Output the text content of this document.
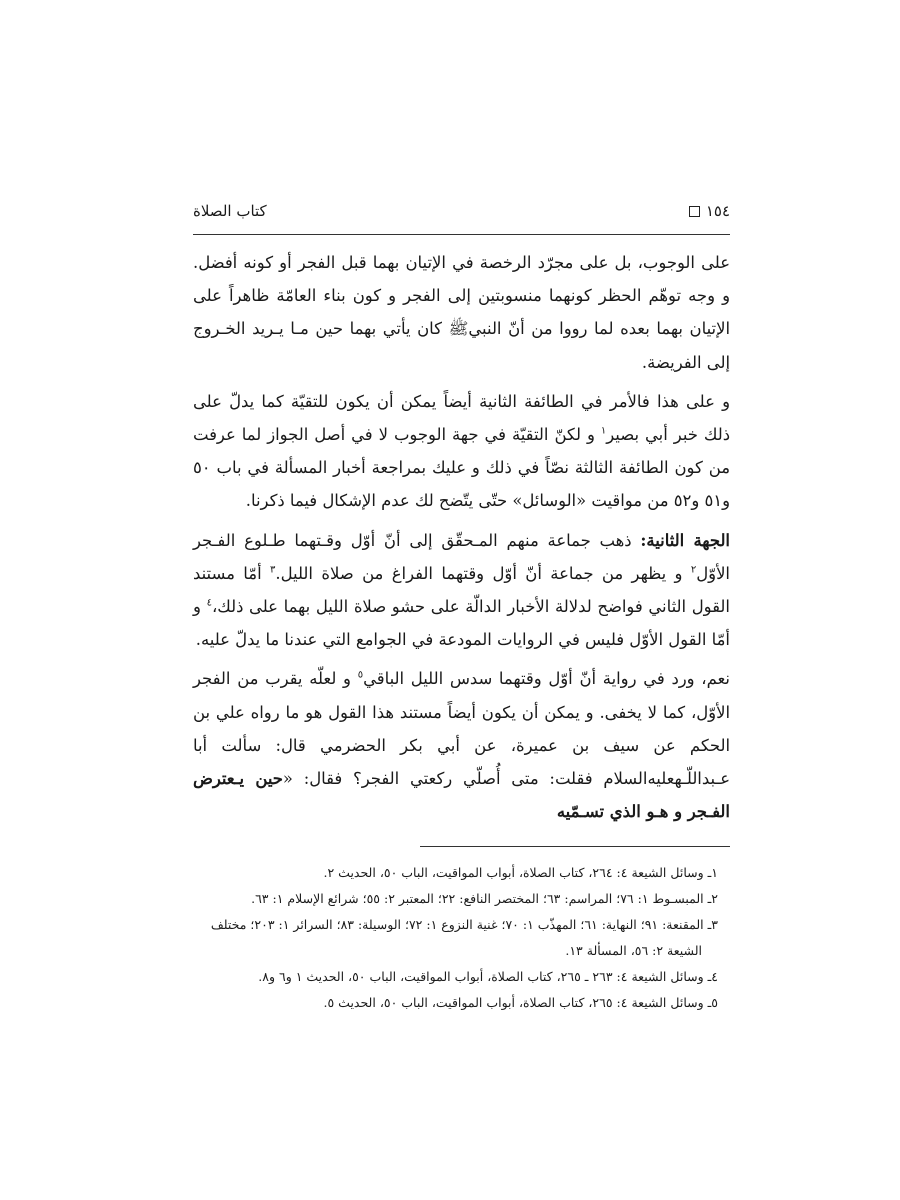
كتاب الصلاة	١٥٤

على الوجوب، بل على مجرّد الرخصة في الإتيان بهما قبل الفجر أو كونه أفضل. و وجه توهّم الحظر كونهما منسوبتين إلى الفجر و كون بناء العامّة ظاهراً على الإتيان بهما بعده لما رووا من أنّ النبيﷺ كان يأتي بهما حين مـا يـريد الخـروج إلى الفريضة.

و على هذا فالأمر في الطائفة الثانية أيضاً يمكن أن يكون للتقيّة كما يدلّ على ذلك خبر أبي بصير$^١$ و لكنّ التقيّة في جهة الوجوب لا في أصل الجواز لما عرفت من كون الطائفة الثالثة نصّاً في ذلك و عليك بمراجعة أخبار المسألة في باب ٥٠ و٥١ و٥٢ من مواقيت «الوسائل» حتّى يتّضح لك عدم الإشكال فيما ذكرنا.

الجهة الثانية: ذهب جماعة منهم المـحقّق إلى أنّ أوّل وقـتهما طـلوع الفـجر الأوّل$^٢$ و يظهر من جماعة أنّ أوّل وقتهما الفراغ من صلاة الليل.$^٣$ أمّا مستند القول الثاني فواضح لدلالة الأخبار الدالّة على حشو صلاة الليل بهما على ذلك،$^٤$ و أمّا القول الأوّل فليس في الروايات المودعة في الجوامع التي عندنا ما يدلّ عليه.

نعم، ورد في رواية أنّ أوّل وقتهما سدس الليل الباقي$^٥$ و لعلّه يقرب من الفجر الأوّل، كما لا يخفى. و يمكن أن يكون أيضاً مستند هذا القول هو ما رواه علي بن الحكم عن سيف بن عميرة، عن أبي بكر الحضرمي قال: سألت أبا عـبداللّـهعليه‌السلام فقلت: متى أُصلّي ركعتي الفجر؟ فقال: «حين يـعترض الفـجر و هـو الذي تسـمّيه

١ـ وسائل الشيعة ٤: ٢٦٤، كتاب الصلاة، أبواب المواقيت، الباب ٥٠، الحديث ٢.

٢ـ المبسـوط ١: ٧٦؛ المراسم: ٦٣؛ المختصر النافع: ٢٢؛ المعتبر ٢: ٥٥؛ شرائع الإسلام ١: ٦٣.

٣ـ المقنعة: ٩١؛ النهاية: ٦١؛ المهذّب ١: ٧٠؛ غنية النزوع ١: ٧٢؛ الوسيلة: ٨٣؛ السرائر ١: ٢٠٣؛ مختلف

الشيعة ٢: ٥٦، المسألة ١٣.

٤ـ وسائل الشيعة ٤: ٢٦٣ ـ ٢٦٥، كتاب الصلاة، أبواب المواقيت، الباب ٥٠، الحديث ١ و٦ و٨.

٥ـ وسائل الشيعة ٤: ٢٦٥، كتاب الصلاة، أبواب المواقيت، الباب ٥٠، الحديث ٥.
